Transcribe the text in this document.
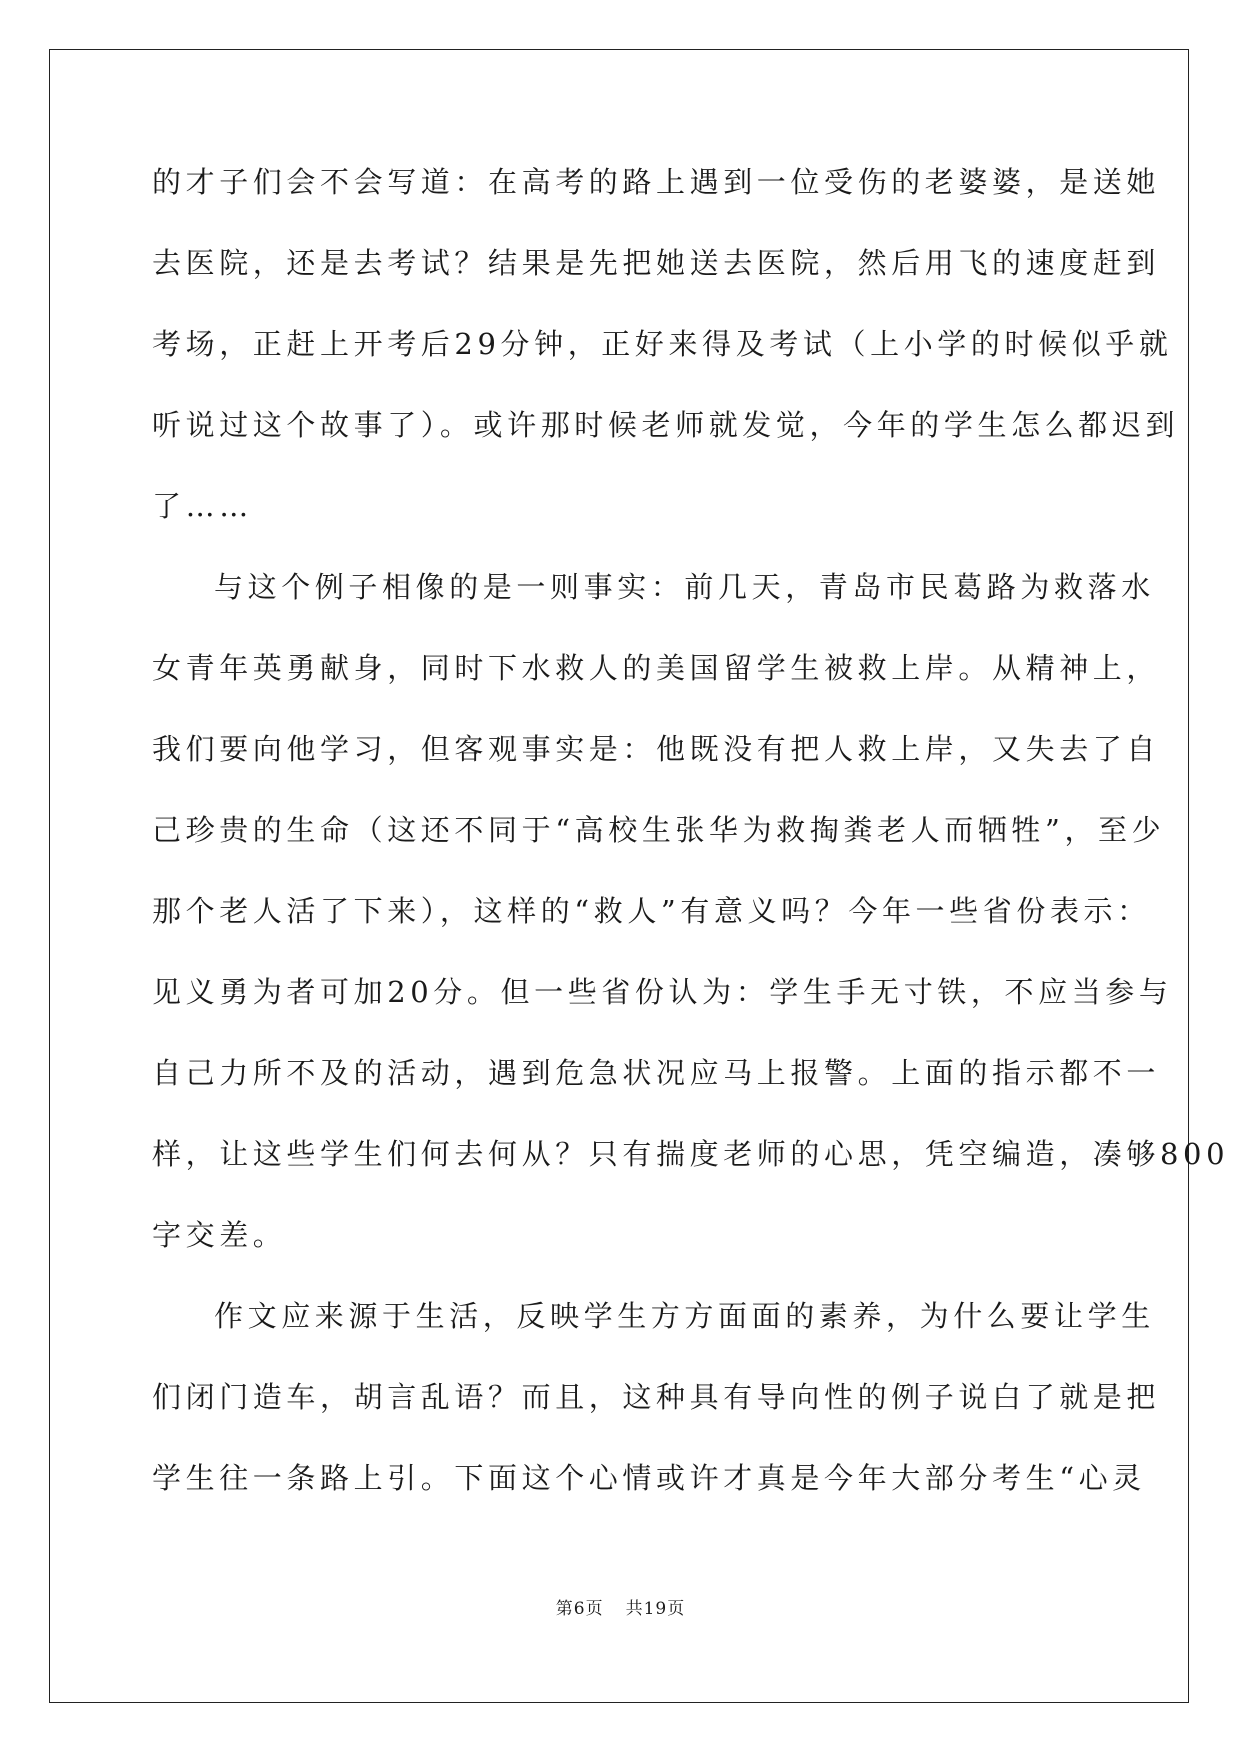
的才子们会不会写道：在高考的路上遇到一位受伤的老婆婆，是送她
去医院，还是去考试？结果是先把她送去医院，然后用飞的速度赶到
考场，正赶上开考后29分钟，正好来得及考试（上小学的时候似乎就
听说过这个故事了）。或许那时候老师就发觉，今年的学生怎么都迟到
了……
与这个例子相像的是一则事实：前几天，青岛市民葛路为救落水
女青年英勇献身，同时下水救人的美国留学生被救上岸。从精神上，
我们要向他学习，但客观事实是：他既没有把人救上岸，又失去了自
己珍贵的生命（这还不同于“高校生张华为救掏粪老人而牺牲”，至少
那个老人活了下来），这样的“救人”有意义吗？今年一些省份表示：
见义勇为者可加20分。但一些省份认为：学生手无寸铁，不应当参与
自己力所不及的活动，遇到危急状况应马上报警。上面的指示都不一
样，让这些学生们何去何从？只有揣度老师的心思，凭空编造，凑够800
字交差。
作文应来源于生活，反映学生方方面面的素养，为什么要让学生
们闭门造车，胡言乱语？而且，这种具有导向性的例子说白了就是把
学生往一条路上引。下面这个心情或许才真是今年大部分考生“心灵
第6页 共19页
